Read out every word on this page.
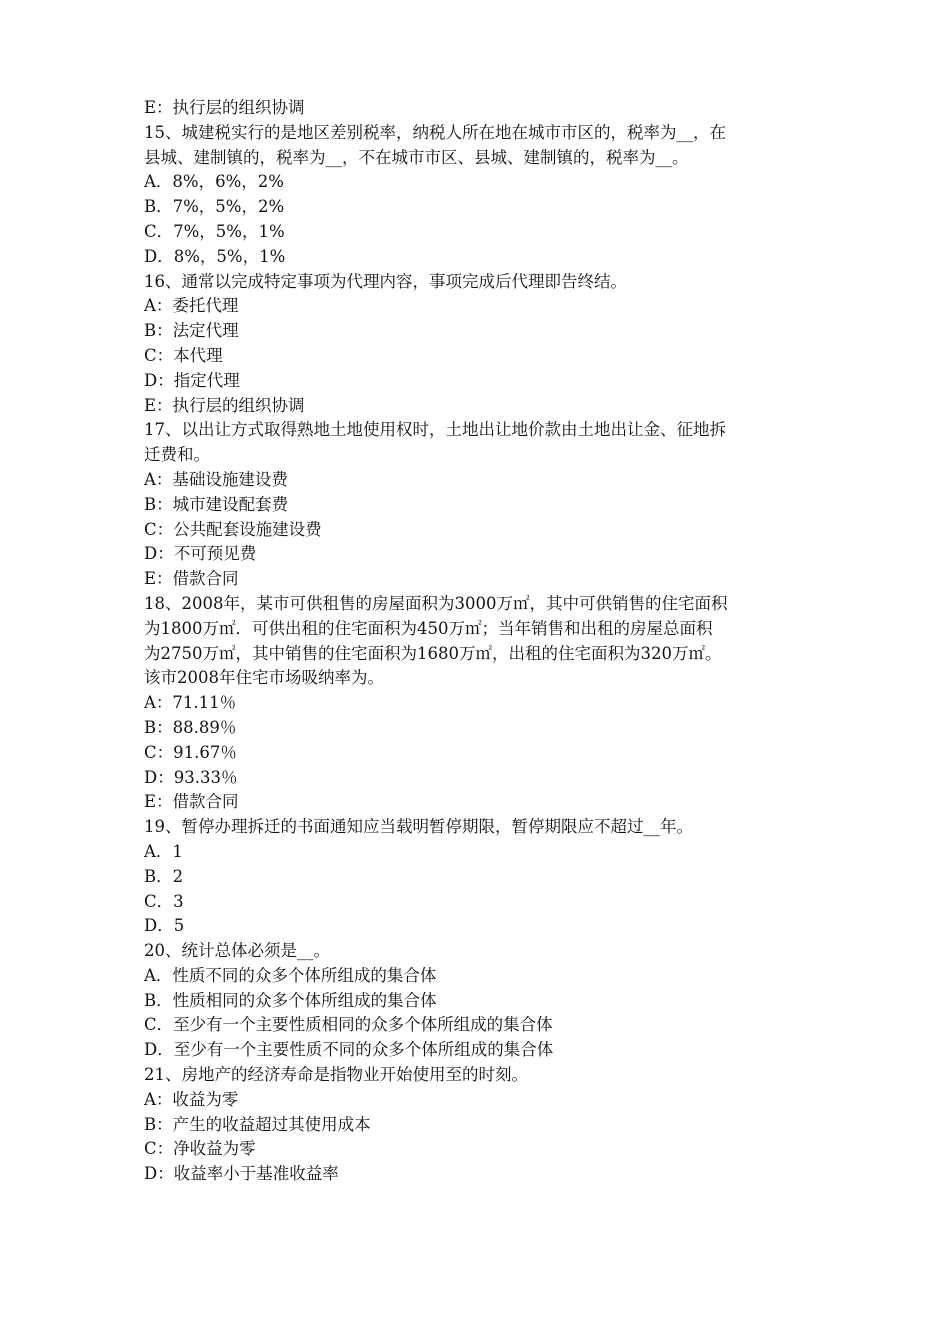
E：执行层的组织协调
15、城建税实行的是地区差别税率，纳税人所在地在城市市区的，税率为__，在
县城、建制镇的，税率为__，不在城市市区、县城、建制镇的，税率为__。
A．8%，6%，2%
B．7%，5%，2%
C．7%，5%，1%
D．8%，5%，1%
16、通常以完成特定事项为代理内容，事项完成后代理即告终结。
A：委托代理
B：法定代理
C：本代理
D：指定代理
E：执行层的组织协调
17、以出让方式取得熟地土地使用权时，土地出让地价款由土地出让金、征地拆
迁费和。
A：基础设施建设费
B：城市建设配套费
C：公共配套设施建设费
D：不可预见费
E：借款合同
18、2008年，某市可供租售的房屋面积为3000万㎡，其中可供销售的住宅面积
为1800万㎡．可供出租的住宅面积为450万㎡；当年销售和出租的房屋总面积
为2750万㎡，其中销售的住宅面积为1680万㎡，出租的住宅面积为320万㎡。
该市2008年住宅市场吸纳率为。
A：71.11％
B：88.89％
C：91.67％
D：93.33％
E：借款合同
19、暂停办理拆迁的书面通知应当载明暂停期限，暂停期限应不超过__年。
A．1
B．2
C．3
D．5
20、统计总体必须是__。
A．性质不同的众多个体所组成的集合体
B．性质相同的众多个体所组成的集合体
C．至少有一个主要性质相同的众多个体所组成的集合体
D．至少有一个主要性质不同的众多个体所组成的集合体
21、房地产的经济寿命是指物业开始使用至的时刻。
A：收益为零
B：产生的收益超过其使用成本
C：净收益为零
D：收益率小于基准收益率
